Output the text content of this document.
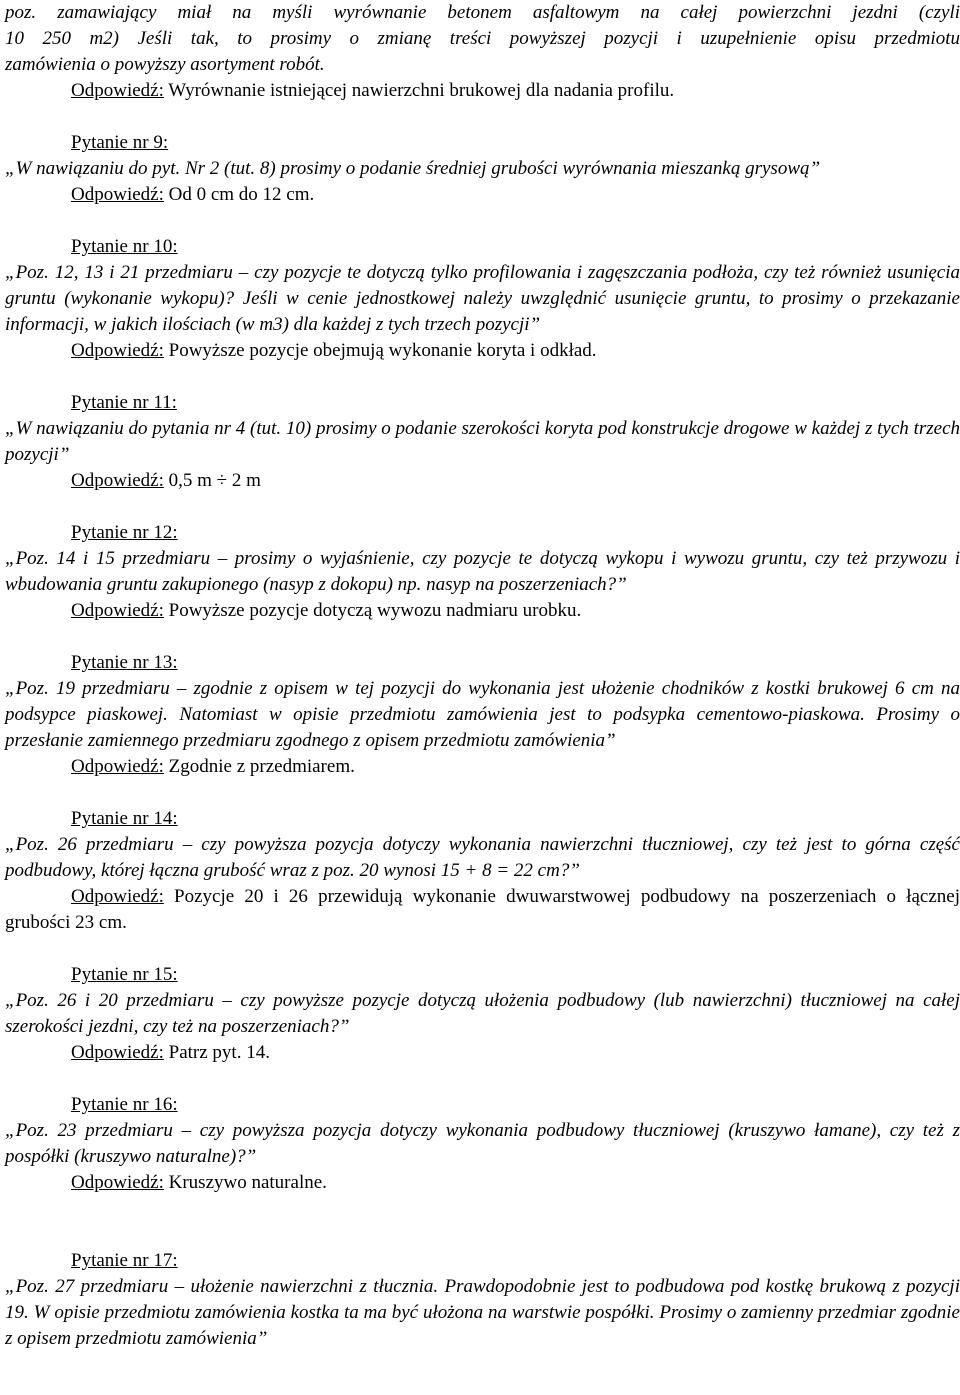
poz. zamawiający miał na myśli wyrównanie betonem asfaltowym na całej powierzchni jezdni (czyli

10 250 m2) Jeśli tak, to prosimy o zmianę treści powyższej pozycji i uzupełnienie opisu przedmiotu

zamówienia o powyższy asortyment robót.

Odpowiedź: Wyrównanie istniejącej nawierzchni brukowej dla nadania profilu.

Pytanie nr 9:

„W nawiązaniu do pyt. Nr 2 (tut. 8) prosimy o podanie średniej grubości wyrównania mieszanką grysową”

Odpowiedź: Od 0 cm do 12 cm.

Pytanie nr 10:

„Poz. 12, 13 i 21 przedmiaru – czy pozycje te dotyczą tylko profilowania i zagęszczania podłoża, czy też również usunięcia gruntu (wykonanie wykopu)? Jeśli w cenie jednostkowej należy uwzględnić usunięcie gruntu, to prosimy o przekazanie informacji, w jakich ilościach (w m3) dla każdej z tych trzech pozycji”

Odpowiedź: Powyższe pozycje obejmują wykonanie koryta i odkład.

Pytanie nr 11:

„W nawiązaniu do pytania nr 4 (tut. 10) prosimy o podanie szerokości koryta pod konstrukcje drogowe w każdej z tych trzech pozycji”

Odpowiedź: 0,5 m ÷ 2 m

Pytanie nr 12:

„Poz. 14 i 15 przedmiaru – prosimy o wyjaśnienie, czy pozycje te dotyczą wykopu i wywozu gruntu, czy też przywozu i wbudowania gruntu zakupionego (nasyp z dokopu) np. nasyp na poszerzeniach?”

Odpowiedź: Powyższe pozycje dotyczą wywozu nadmiaru urobku.

Pytanie nr 13:

„Poz. 19 przedmiaru – zgodnie z opisem w tej pozycji do wykonania jest ułożenie chodników z kostki brukowej 6 cm na podsypce piaskowej. Natomiast w opisie przedmiotu zamówienia jest to podsypka cementowo-piaskowa. Prosimy o przesłanie zamiennego przedmiaru zgodnego z opisem przedmiotu zamówienia”

Odpowiedź: Zgodnie z przedmiarem.

Pytanie nr 14:

„Poz. 26 przedmiaru – czy powyższa pozycja dotyczy wykonania nawierzchni tłuczniowej, czy też jest to górna część podbudowy, której łączna grubość wraz z poz. 20 wynosi 15 + 8 = 22 cm?”

Odpowiedź: Pozycje 20 i 26 przewidują wykonanie dwuwarstwowej podbudowy na poszerzeniach o łącznej grubości 23 cm.

Pytanie nr 15:

„Poz. 26 i 20 przedmiaru – czy powyższe pozycje dotyczą ułożenia podbudowy (lub nawierzchni) tłuczniowej na całej szerokości jezdni, czy też na poszerzeniach?”

Odpowiedź: Patrz pyt. 14.

Pytanie nr 16:

„Poz. 23 przedmiaru – czy powyższa pozycja dotyczy wykonania podbudowy tłuczniowej (kruszywo łamane), czy też z pospółki (kruszywo naturalne)?”

Odpowiedź: Kruszywo naturalne.

Pytanie nr 17:

„Poz. 27 przedmiaru – ułożenie nawierzchni z tłucznia. Prawdopodobnie jest to podbudowa pod kostkę brukową z pozycji 19. W opisie przedmiotu zamówienia kostka ta ma być ułożona na warstwie pospółki. Prosimy o zamienny przedmiar zgodnie z opisem przedmiotu zamówienia”
